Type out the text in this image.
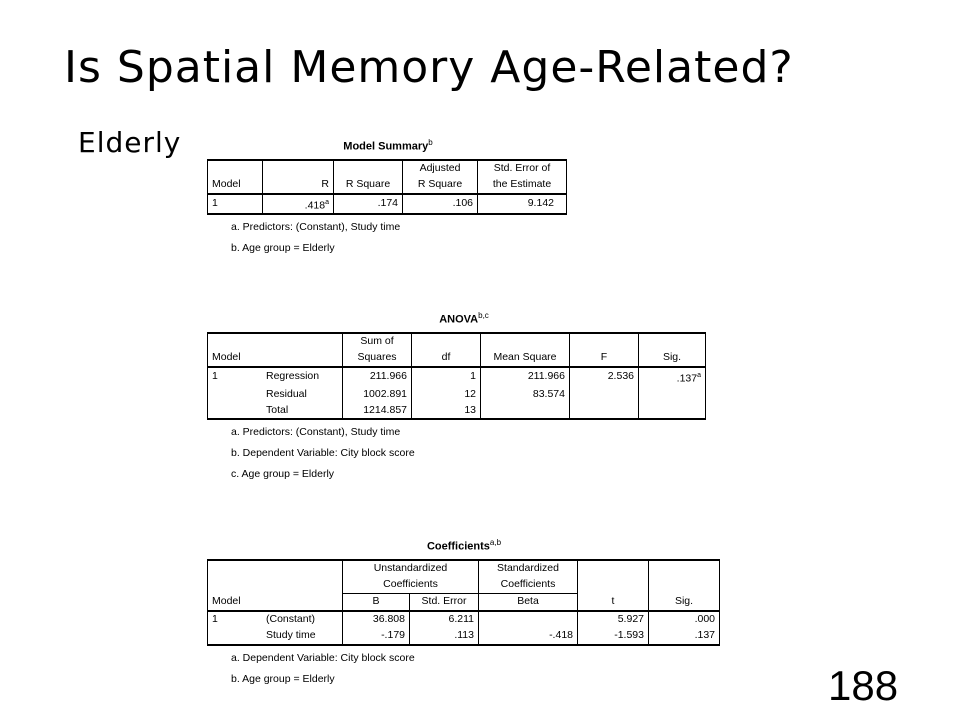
Is Spatial Memory Age-Related?
Elderly	Model Summary$^b$
			Adjusted	Std. Error of
Model	R	R Square	R Square	the Estimate
1	.418$^a$	.174	.106	9.142
a. Predictors: (Constant), Study time
b. Age group = Elderly
ANOVA$^{b,c}$
		Sum of				
Model		Squares	df	Mean Square	F	Sig.
1	Regression	211.966	1	211.966	2.536	.137$^a$
	Residual	1002.891	12	83.574		
	Total	1214.857	13			
a. Predictors: (Constant), Study time
b. Dependent Variable: City block score
c. Age group = Elderly
Coefficients$^{a,b}$
		Unstandardized		Standardized		
		Coefficients		Coefficients		
Model		B	Std. Error	Beta	t	Sig.
1	(Constant)	36.808	6.211		5.927	.000
	Study time	-.179	.113	-.418	-1.593	.137
a. Dependent Variable: City block score
b. Age group = Elderly	188
